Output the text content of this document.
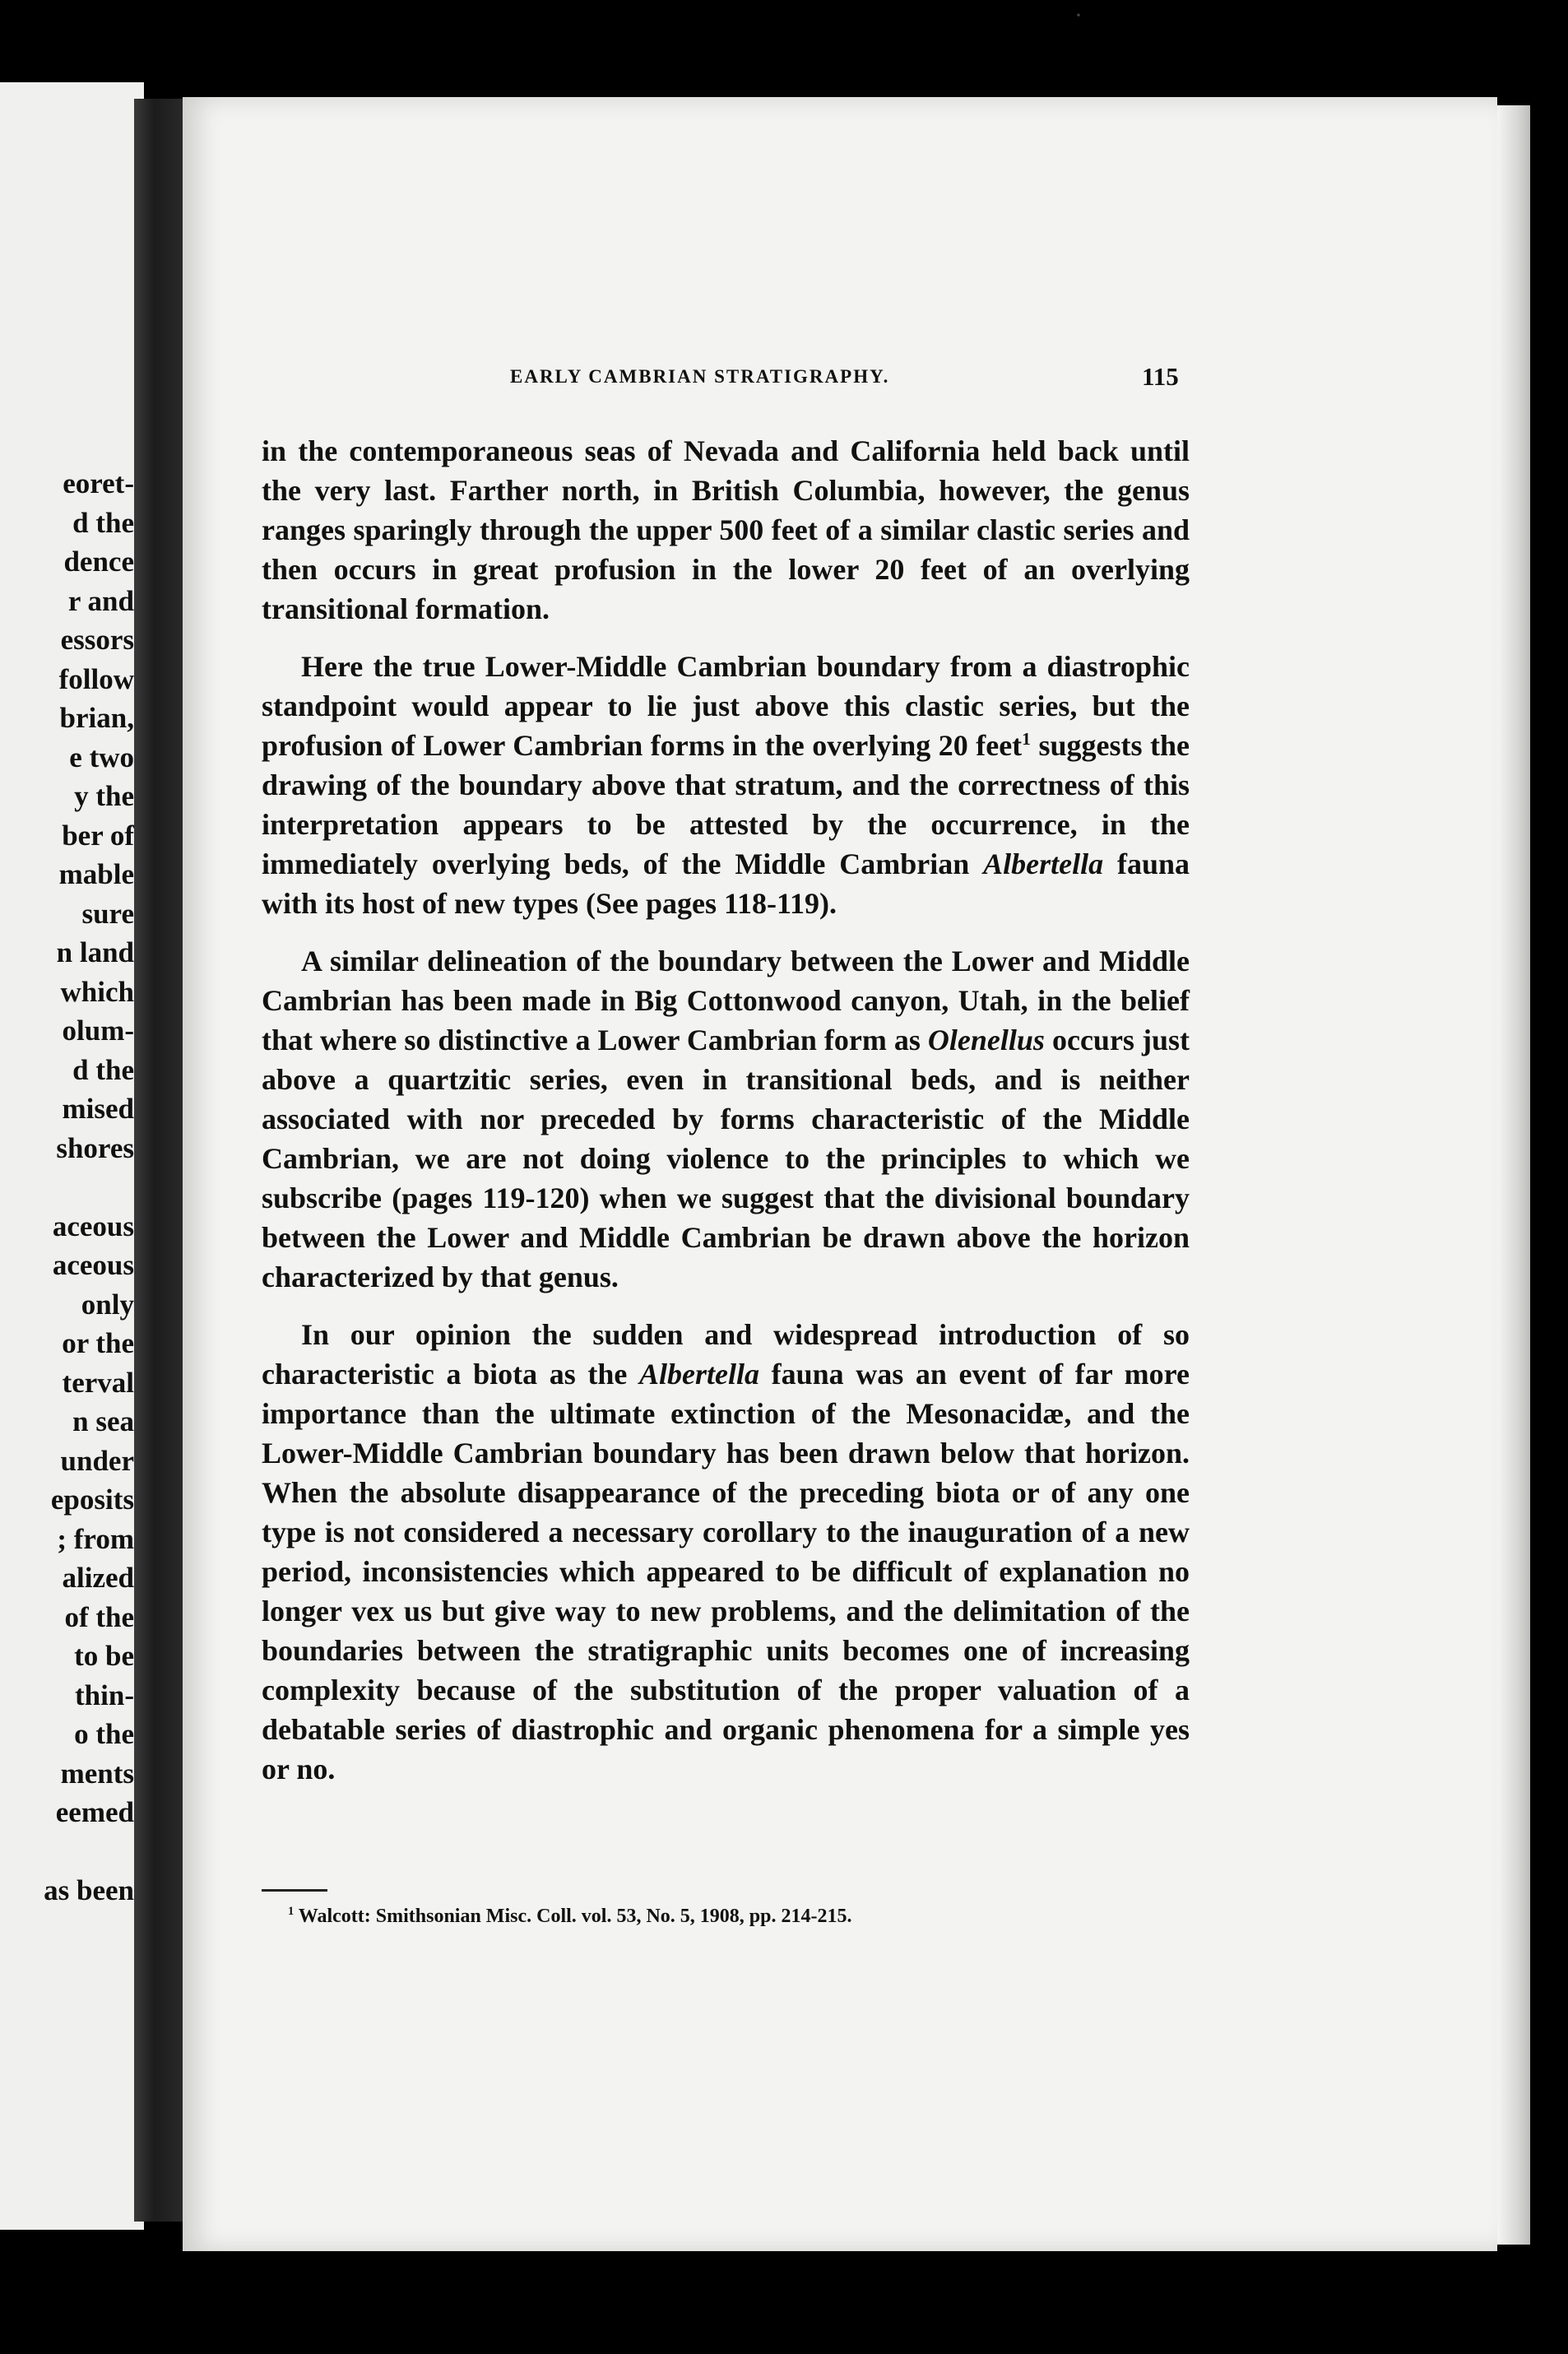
eoret-
d the
dence
r and
essors
follow
brian,
e two
y the
ber of
mable
sure
n land
which
olum-
d the
mised
shores
aceous
aceous
only
or the
terval
n sea
under
eposits
; from
alized
of the
to be
thin-
o the
ments
eemed
as been
EARLY CAMBRIAN STRATIGRAPHY.	115

in the contemporaneous seas of Nevada and California held back until the very last. Farther north, in British Columbia, however, the genus ranges sparingly through the upper 500 feet of a similar clastic series and then occurs in great profusion in the lower 20 feet of an overlying transitional formation.

Here the true Lower-Middle Cambrian boundary from a diastrophic standpoint would appear to lie just above this clastic series, but the profusion of Lower Cambrian forms in the overlying 20 feet$^1$ suggests the drawing of the boundary above that stratum, and the correctness of this interpretation appears to be attested by the occurrence, in the immediately overlying beds, of the Middle Cambrian Albertella fauna with its host of new types (See pages 118-119).

A similar delineation of the boundary between the Lower and Middle Cambrian has been made in Big Cottonwood canyon, Utah, in the belief that where so distinctive a Lower Cambrian form as Olenellus occurs just above a quartzitic series, even in transitional beds, and is neither associated with nor preceded by forms characteristic of the Middle Cambrian, we are not doing violence to the principles to which we subscribe (pages 119-120) when we suggest that the divisional boundary between the Lower and Middle Cambrian be drawn above the horizon characterized by that genus.

In our opinion the sudden and widespread introduction of so characteristic a biota as the Albertella fauna was an event of far more importance than the ultimate extinction of the Mesonacidæ, and the Lower-Middle Cambrian boundary has been drawn below that horizon. When the absolute disappearance of the preceding biota or of any one type is not considered a necessary corollary to the inauguration of a new period, inconsistencies which appeared to be difficult of explanation no longer vex us but give way to new problems, and the delimitation of the boundaries between the stratigraphic units becomes one of increasing complexity because of the substitution of the proper valuation of a debatable series of diastrophic and organic phenomena for a simple yes or no.

$^1$ Walcott: Smithsonian Misc. Coll. vol. 53, No. 5, 1908, pp. 214-215.
·
